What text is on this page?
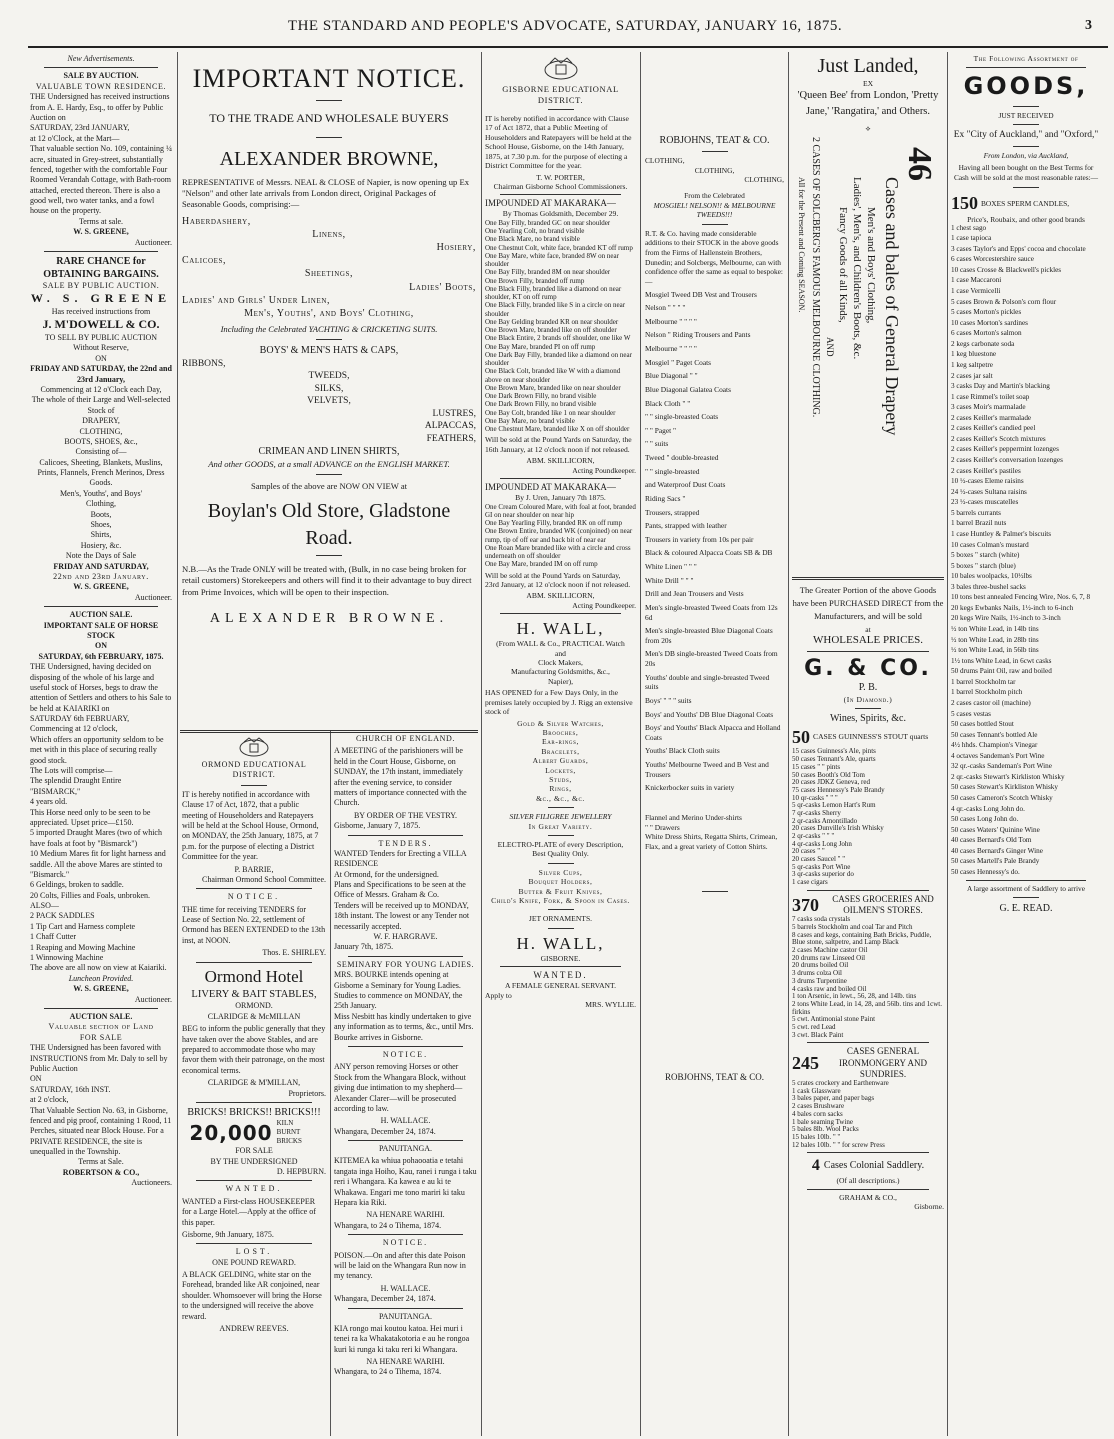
THE STANDARD AND PEOPLE'S ADVOCATE, SATURDAY, JANUARY 16, 1875.	3
New Advertisements.
SALE BY AUCTION.
VALUABLE TOWN RESIDENCE.

THE Undersigned has received instructions from A. E. Hardy, Esq., to offer by Public Auction on
SATURDAY, 23rd JANUARY,
at 12 o'Clock, at the Mart—
That valuable section No. 109, containing ¼ acre, situated in Grey-street, substantially fenced, together with the comfortable Four Roomed Verandah Cottage, with Bath-room attached, erected thereon. There is also a good well, two water tanks, and a fowl house on the property.

Terms at sale.
W. S. GREENE,
Auctioneer.
RARE CHANCE for OBTAINING BARGAINS.
SALE BY PUBLIC AUCTION.
W. S. GREENE
Has received instructions from
J. M'DOWELL & CO.

TO SELL BY PUBLIC AUCTION
Without Reserve,
ON

FRIDAY AND SATURDAY, the 22nd and 23rd January,

Commencing at 12 o'Clock each Day,
The whole of their Large and Well-selected Stock of
DRAPERY,
CLOTHING,
BOOTS, SHOES, &c.,
Consisting of—
Calicoes, Sheeting, Blankets, Muslins, Prints, Flannels, French Merinos, Dress Goods.
Men's, Youths', and Boys'
Clothing,
Boots,
Shoes,
Shirts,
Hosiery, &c.

Note the Days of Sale
FRIDAY AND SATURDAY,
22nd and 23rd January.
W. S. GREENE,
Auctioneer.
AUCTION SALE.

IMPORTANT SALE OF HORSE STOCK
ON
SATURDAY, 6th FEBRUARY, 1875.

THE Undersigned, having decided on disposing of the whole of his large and useful stock of Horses, begs to draw the attention of Settlers and others to his Sale to be held at KAIARIKI on
SATURDAY 6th FEBRUARY,
Commencing at 12 o'clock,
Which offers an opportunity seldom to be met with in this place of securing really good stock.
The Lots will comprise—
The splendid Draught Entire
"BISMARCK,"
4 years old.
This Horse need only to be seen to be appreciated. Upset price—£150.
5 imported Draught Mares (two of which have foals at foot by "Bismarck")
10 Medium Mares fit for light harness and saddle. All the above Mares are stinted to "Bismarck."
6 Geldings, broken to saddle.
20 Colts, Fillies and Foals, unbroken.
ALSO—
2 PACK SADDLES
1 Tip Cart and Harness complete
1 Chaff Cutter
1 Reaping and Mowing Machine
1 Winnowing Machine
The above are all now on view at Kaiariki.

Luncheon Provided.
W. S. GREENE,
Auctioneer.
AUCTION SALE.

Valuable section of Land
FOR SALE

THE Undersigned has been favored with INSTRUCTIONS from Mr. Daly to sell by Public Auction
ON
SATURDAY, 16th INST.
at 2 o'clock,
That Valuable Section No. 63, in Gisborne, fenced and pig proof, containing 1 Rood, 11 Perches, situated near Block House. For a PRIVATE RESIDENCE, the site is unequalled in the Township.

Terms at Sale.
ROBERTSON & CO.,
Auctioneers.
IMPORTANT NOTICE.
TO THE TRADE AND WHOLESALE BUYERS
ALEXANDER BROWNE,

REPRESENTATIVE of Messrs. NEAL & CLOSE of Napier, is now opening up Ex "Nelson" and other late arrivals from London direct, Original Packages of Seasonable Goods, comprising:—

Haberdashery,
Linens,
Hosiery,
Calicoes,
Sheetings,
Ladies' Boots,
Ladies' and Girls' Under Linen,
Men's, Youths', and Boys' Clothing,
Including the Celebrated YACHTING & CRICKETING SUITS.
BOYS' & MEN'S HATS & CAPS,
RIBBONS,
TWEEDS,
SILKS,
VELVETS,
LUSTRES,
ALPACCAS,
FEATHERS,
CRIMEAN AND LINEN SHIRTS,
And other GOODS, at a small ADVANCE on the ENGLISH MARKET.
Samples of the above are NOW ON VIEW at
Boylan's Old Store, Gladstone Road.

N.B.—As the Trade ONLY will be treated with, (Bulk, in no case being broken for retail customers) Storekeepers and others will find it to their advantage to buy direct from Prime Invoices, which will be open to their inspection.

ALEXANDER BROWNE.
ORMOND EDUCATIONAL DISTRICT.

IT is hereby notified in accordance with Clause 17 of Act, 1872, that a public meeting of Householders and Ratepayers will be held at the School House, Ormond, on MONDAY, the 25th January, 1875, at 7 p.m. for the purpose of electing a District Committee for the year.

P. BARRIE,
Chairman Ormond School Committee.
NOTICE.

THE time for receiving TENDERS for Lease of Section No. 22, settlement of Ormond has BEEN EXTENDED to the 13th inst, at NOON.

Thos. E. SHIRLEY.
Ormond Hotel
LIVERY & BAIT STABLES,
ORMOND.
CLARIDGE & McMILLAN

BEG to inform the public generally that they have taken over the above Stables, and are prepared to accommodate those who may favor them with their patronage, on the most economical terms.

CLARIDGE & M'MILLAN,
Proprietors.
BRICKS! BRICKS!! BRICKS!!!
20,000 KILN BURNT BRICKS
FOR SALE
BY THE UNDERSIGNED
D. HEPBURN.
WANTED.

WANTED a First-class HOUSEKEEPER for a Large Hotel.—Apply at the office of this paper.

Gisborne, 9th January, 1875.
LOST.
ONE POUND REWARD.

A BLACK GELDING, white star on the Forehead, branded like AR conjoined, near shoulder. Whomsoever will bring the Horse to the undersigned will receive the above reward.

ANDREW REEVES.
CHURCH OF ENGLAND.

A MEETING of the parishioners will be held in the Court House, Gisborne, on SUNDAY, the 17th instant, immediately after the evening service, to consider matters of importance connected with the Church.

BY ORDER OF THE VESTRY.
Gisborne, January 7, 1875.
TENDERS.

WANTED Tenders for Erecting a VILLA RESIDENCE
At Ormond, for the undersigned.
Plans and Specifications to be seen at the Office of Messrs. Graham & Co.
Tenders will be received up to MONDAY, 18th instant. The lowest or any Tender not necessarily accepted.

W. F. HARGRAVE.
January 7th, 1875.
SEMINARY FOR YOUNG LADIES.

MRS. BOURKE intends opening at Gisborne a Seminary for Young Ladies.
Studies to commence on MONDAY, the 25th January.
Miss Nesbitt has kindly undertaken to give any information as to terms, &c., until Mrs. Bourke arrives in Gisborne.

NOTICE.

ANY person removing Horses or other Stock from the Whangara Block, without giving due intimation to my shepherd—Alexander Clarer—will be prosecuted according to law.

H. WALLACE.
Whangara, December 24, 1874.
PANUITANGA.

KITEMEA ka whiua pohaooatia e tetahi tangata inga Hoiho, Kau, ranei i runga i taku reri i Whangara. Ka kawea e au ki te Whakawa. Engari me tono mariri ki taku Hepara kia Riki.

NA HENARE WARIHI.
Whangara, to 24 o Tihema, 1874.
NOTICE.

POISON.—On and after this date Poison will be laid on the Whangara Run now in my tenancy.

H. WALLACE.
Whangara, December 24, 1874.
PANUITANGA.

KIA rongo mai koutou katoa. Hei muri i tenei ra ka Whakatakotoria e au he rongoa kuri ki runga ki taku reri ki Whangara.

NA HENARE WARIHI.
Whangara, to 24 o Tihema, 1874.
GISBORNE EDUCATIONAL DISTRICT.

IT is hereby notified in accordance with Clause 17 of Act 1872, that a Public Meeting of Householders and Ratepayers will be held at the School House, Gisborne, on the 14th January, 1875, at 7.30 p.m. for the purpose of electing a District Committee for the year.

T. W. PORTER,
Chairman Gisborne School Commissioners.
IMPOUNDED AT MAKARAKA—
By Thomas Goldsmith, December 29.

One Bay Filly, branded GC on near shoulder
One Yearling Colt, no brand visible
One Black Mare, no brand visible
One Chestnut Colt, white face, branded KT off rump
One Bay Mare, white face, branded 8W on near shoulder
One Bay Filly, branded 8M on near shoulder
One Brown Filly, branded off rump
One Black Filly, branded like a diamond on near shoulder, KT on off rump
One Black Filly, branded like S in a circle on near shoulder
One Bay Gelding branded KR on near shoulder
One Brown Mare, branded like on off shoulder
One Black Entire, 2 brands off shoulder, one like W
One Bay Mare, branded PI on off rump
One Dark Bay Filly, branded like a diamond on near shoulder
One Black Colt, branded like W with a diamond above on near shoulder
One Brown Mare, branded like on near shoulder
One Dark Brown Filly, no brand visible
One Dark Brown Filly, no brand visible
One Bay Colt, branded like 1 on near shoulder
One Bay Mare, no brand visible
One Chestnut Mare, branded like X on off shoulder

Will be sold at the Pound Yards on Saturday, the 16th January, at 12 o'clock noon if not released.

ABM. SKILLICORN,
Acting Poundkeeper.
IMPOUNDED AT MAKARAKA—
By J. Uren, January 7th 1875.

One Cream Coloured Mare, with foal at foot, branded GI on near shoulder on near hip
One Bay Yearling Filly, branded RK on off rump
One Brown Entire, branded WK (conjoined) on near rump, tip of off ear and back bit of near ear
One Roan Mare branded like with a circle and cross underneath on off shoulder
One Bay Mare, branded IM on off rump

Will be sold at the Pound Yards on Saturday, 23rd January, at 12 o'clock noon if not released.

ABM. SKILLICORN,
Acting Poundkeeper.
H. WALL,

(From WALL & Co., PRACTICAL Watch
and
Clock Makers,
Manufacturing Goldsmiths, &c.,
Napier),

HAS OPENED for a Few Days Only, in the premises lately occupied by J. Rigg an extensive stock of

Gold & Silver Watches,
Brooches,
Ear-rings,
Bracelets,
Albert Guards,
Lockets,
Studs,
Rings,
&c., &c., &c.

SILVER FILIGREE JEWELLERY
In Great Variety.
ELECTRO-PLATE of every Description,
Best Quality Only.

Silver Cups,
Bouquet Holders,
Butter & Fruit Knives,
Child's Knife, Fork, & Spoon in Cases.

JET ORNAMENTS.
H. WALL,
GISBORNE.
WANTED.
A FEMALE GENERAL SERVANT.
Apply to
MRS. WYLLIE.
ROBJOHNS, TEAT & CO.
CLOTHING,
CLOTHING,
CLOTHING,
From the Celebrated
MOSGIEL! NELSON!! & MELBOURNE TWEEDS!!!

R.T. & Co. having made considerable additions to their STOCK in the above goods from the Firms of Hallenstein Brothers, Dunedin; and Solcbergs, Melbourne, can with confidence offer the same as equal to bespoke:—

Mosgiel Tweed DB Vest and Trousers
Nelson " " " "
Melbourne " " " "
Nelson " Riding Trousers and Pants
Melbourne " " " "
Mosgiel " Paget Coats
Blue Diagonal " "
Blue Diagonal Galatea Coats
Black Cloth " "
" " single-breasted Coats
" " Paget "
" " suits
Tweed " double-breasted
" " single-breasted
and Waterproof Dust Coats
Riding Sacs "
Trousers, strapped
Pants, strapped with leather
Trousers in variety from 10s per pair
Black & coloured Alpacca Coats SB & DB
White Linen " " "
White Drill " " "
Drill and Jean Trousers and Vests
Men's single-breasted Tweed Coats from 12s 6d
Men's single-breasted Blue Diagonal Coats from 20s
Men's DB single-breasted Tweed Coats from 20s
Youths' double and single-breasted Tweed suits
Boys' " " " suits
Boys' and Youths' DB Blue Diagonal Coats
Boys' and Youths' Black Alpacca and Holland Coats
Youths' Black Cloth suits
Youths' Melbourne Tweed and B Vest and Trousers
Knickerbocker suits in variety

Flannel and Merino Under-shirts
" " Drawers
White Dress Shirts, Regatta Shirts, Crimean, Flax, and a great variety of Cotton Shirts.

ROBJOHNS, TEAT & CO.
Just Landed,
EX
'Queen Bee' from London, 'Pretty Jane,' 'Rangatira,' and Others.
⟡
46
Cases and bales of General Drapery
Men's and Boys' Clothing,
Ladies', Men's, and Children's Boots, &c.
Fancy Goods of all Kinds,
AND
2 CASES OF SOLCBERG'S FAMOUS MELBOURNE CLOTHING.
All for the Present and Coming SEASON.

The Greater Portion of the above Goods have been PURCHASED DIRECT from the Manufacturers, and will be sold

at
WHOLESALE PRICES.
G. & CO.
P. B.
(In Diamond.)
Wines, Spirits, &c.
50 CASES GUINNESS'S STOUT quarts
15 cases Guinness's Ale, pints
50 cases Tennant's Ale, quarts
15 cases " " pints
50 cases Booth's Old Tom
20 cases JDKZ Geneva, red
75 cases Hennessy's Pale Brandy
10 qr-casks " " "
5 qr-casks Lemon Hart's Rum
7 qr-casks Sherry
2 qr-casks Amontillado
20 cases Dunville's Irish Whisky
2 qr-casks " " "
4 qr-casks Long John
20 cases " "
20 cases Saucel " "
5 qr-casks Port Wine
3 qr-casks superior do
1 case cigars
370	CASES GROCERIES AND OILMEN'S STORES.
7 casks soda crystals
5 barrels Stockholm and coal Tar and Pitch
8 cases and kegs, containing Bath Bricks, Puddle, Blue stone, saltpetre, and Lamp Black
2 cases Machine castor Oil
20 drums raw Linseed Oil
20 drums boiled Oil
3 drums colza Oil
3 drums Turpentine
4 casks raw and boiled Oil
1 ton Arsenic, in lewt., 56, 28, and 14lb. tins
2 tons White Lead, in 14, 28, and 56lb. tins and 1cwt. firkins
5 cwt. Antimonial stone Paint
5 cwt. red Lead
3 cwt. Black Paint
245
CASES GENERAL IRONMONGERY AND SUNDRIES.
5 crates crockery and Earthenware
1 cask Glassware
3 bales paper, and paper bags
2 cases Brushware
4 bales corn sacks
1 bale seaming Twine
5 bales 8lb. Wool Packs
15 bales 10lb. " "
12 bales 10lb. " " for screw Press
4 Cases Colonial Saddlery.
(Of all descriptions.)
GRAHAM & CO.,
Gisborne.
The Following Assortment of
GOODS,
JUST RECEIVED
Ex "City of Auckland," and "Oxford,"
From London, via Auckland,

Having all been bought on the Best Terms for Cash will be sold at the most reasonable rates:—

150 BOXES SPERM CANDLES,
Price's, Roubaix, and other good brands
1 chest sago
1 case tapioca
3 cases Taylor's and Epps' cocoa and chocolate
6 cases Worcestershire sauce
10 cases Crosse & Blackwell's pickles
1 case Maccaroni
1 case Vermicelli
5 cases Brown & Polson's corn flour
5 cases Morton's pickles
10 cases Morton's sardines
6 cases Morton's salmon
2 kegs carbonate soda
1 keg bluestone
1 keg saltpetre
2 cases jar salt
3 casks Day and Martin's blacking
1 case Rimmel's toilet soap
3 cases Moir's marmalade
2 cases Keiller's marmalade
2 cases Keiller's candied peel
2 cases Keiller's Scotch mixtures
2 cases Keiller's peppermint lozenges
2 cases Keiller's conversation lozenges
2 cases Keiller's pastiles
10 ½-cases Eleme raisins
24 ½-cases Sultana raisins
23 ½-cases muscatelles
5 barrels currants
1 barrel Brazil nuts
1 case Huntley & Palmer's biscuits
10 cases Colman's mustard
5 boxes " starch (white)
5 boxes " starch (blue)
10 bales woolpacks, 10½lbs
3 bales three-bushel sacks
10 tons best annealed Fencing Wire, Nos. 6, 7, 8
20 kegs Ewbanks Nails, 1½-inch to 6-inch
20 kegs Wire Nails, 1½-inch to 3-inch
½ ton White Lead, in 14lb tins
½ ton White Lead, in 28lb tins
½ ton White Lead, in 56lb tins
1½ tons White Lead, in 6cwt casks
50 drums Paint Oil, raw and boiled
1 barrel Stockholm tar
1 barrel Stockholm pitch
2 cases castor oil (machine)
5 cases vestas
50 cases bottled Stout
50 cases Tennant's bottled Ale
4½ hhds. Champion's Vinegar
4 octaves Sandeman's Port Wine
32 qr.-casks Sandeman's Port Wine
2 qr.-casks Stewart's Kirkliston Whisky
50 cases Stewart's Kirkliston Whisky
50 cases Cameron's Scotch Whisky
4 qr.-casks Long John do.
50 cases Long John do.
50 cases Waters' Quinine Wine
40 cases Bernard's Old Tom
40 cases Bernard's Ginger Wine
50 cases Martell's Pale Brandy
50 cases Hennessy's do.
A large assortment of Saddlery to arrive
G. E. READ.
